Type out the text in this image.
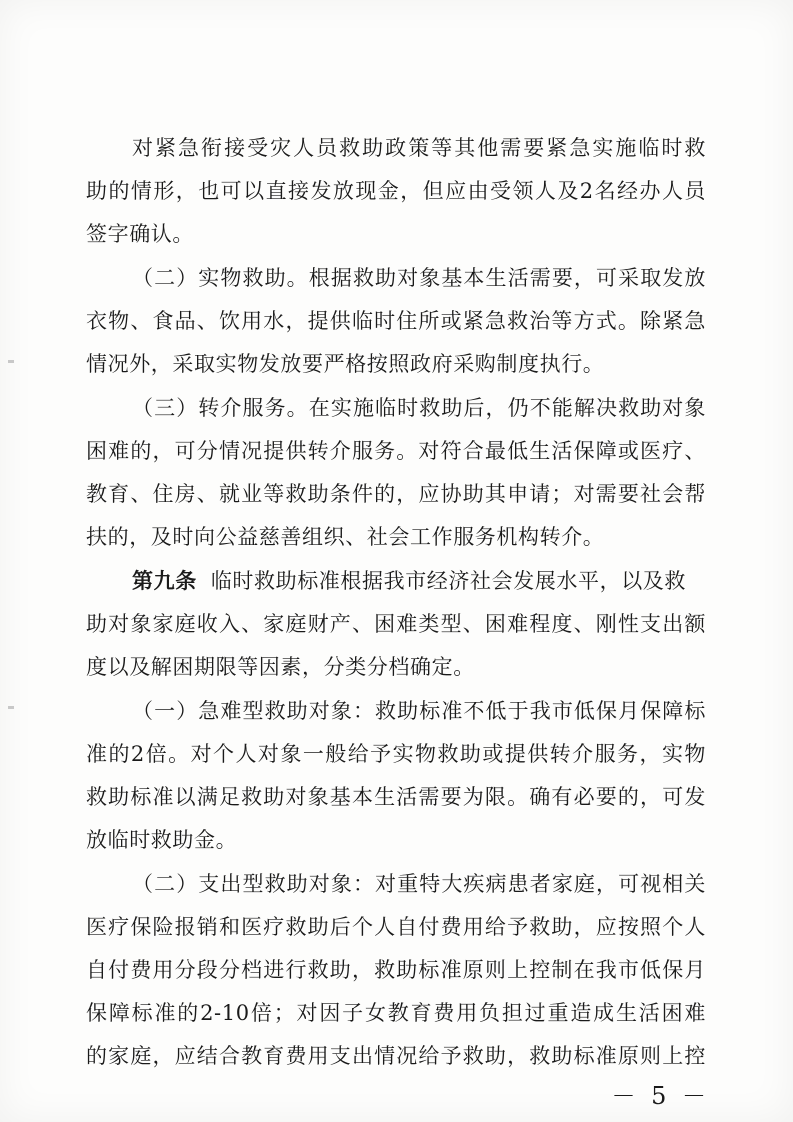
对紧急衔接受灾人员救助政策等其他需要紧急实施临时救
助的情形，也可以直接发放现金，但应由受领人及2名经办人员
签字确认。
（二）实物救助。根据救助对象基本生活需要，可采取发放
衣物、食品、饮用水，提供临时住所或紧急救治等方式。除紧急
情况外，采取实物发放要严格按照政府采购制度执行。
（三）转介服务。在实施临时救助后，仍不能解决救助对象
困难的，可分情况提供转介服务。对符合最低生活保障或医疗、
教育、住房、就业等救助条件的，应协助其申请；对需要社会帮
扶的，及时向公益慈善组织、社会工作服务机构转介。
第九条 临时救助标准根据我市经济社会发展水平，以及救
助对象家庭收入、家庭财产、困难类型、困难程度、刚性支出额
度以及解困期限等因素，分类分档确定。
（一）急难型救助对象：救助标准不低于我市低保月保障标
准的2倍。对个人对象一般给予实物救助或提供转介服务，实物
救助标准以满足救助对象基本生活需要为限。确有必要的，可发
放临时救助金。
（二）支出型救助对象：对重特大疾病患者家庭，可视相关
医疗保险报销和医疗救助后个人自付费用给予救助，应按照个人
自付费用分段分档进行救助，救助标准原则上控制在我市低保月
保障标准的2-10倍；对因子女教育费用负担过重造成生活困难
的家庭，应结合教育费用支出情况给予救助，救助标准原则上控
－ 5 －
